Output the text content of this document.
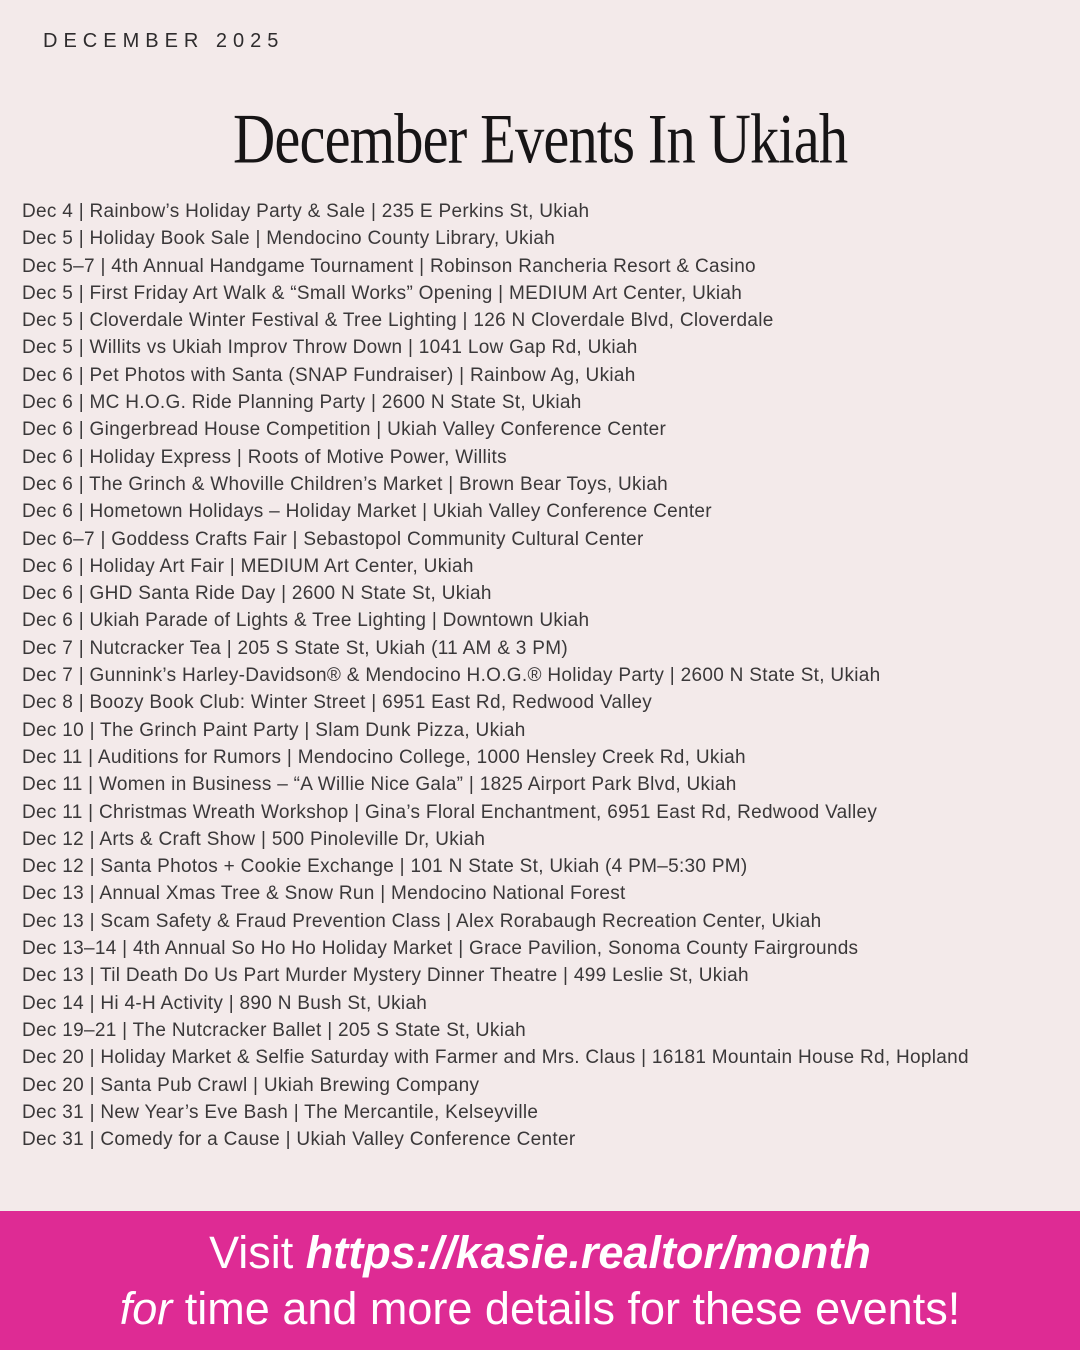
DECEMBER 2025
December Events In Ukiah
Dec 4 | Rainbow’s Holiday Party & Sale | 235 E Perkins St, Ukiah
Dec 5 | Holiday Book Sale | Mendocino County Library, Ukiah
Dec 5–7 | 4th Annual Handgame Tournament | Robinson Rancheria Resort & Casino
Dec 5 | First Friday Art Walk & “Small Works” Opening | MEDIUM Art Center, Ukiah
Dec 5 | Cloverdale Winter Festival & Tree Lighting | 126 N Cloverdale Blvd, Cloverdale
Dec 5 | Willits vs Ukiah Improv Throw Down | 1041 Low Gap Rd, Ukiah
Dec 6 | Pet Photos with Santa (SNAP Fundraiser) | Rainbow Ag, Ukiah
Dec 6 | MC H.O.G. Ride Planning Party | 2600 N State St, Ukiah
Dec 6 | Gingerbread House Competition | Ukiah Valley Conference Center
Dec 6 | Holiday Express | Roots of Motive Power, Willits
Dec 6 | The Grinch & Whoville Children’s Market | Brown Bear Toys, Ukiah
Dec 6 | Hometown Holidays – Holiday Market | Ukiah Valley Conference Center
Dec 6–7 | Goddess Crafts Fair | Sebastopol Community Cultural Center
Dec 6 | Holiday Art Fair | MEDIUM Art Center, Ukiah
Dec 6 | GHD Santa Ride Day | 2600 N State St, Ukiah
Dec 6 | Ukiah Parade of Lights & Tree Lighting | Downtown Ukiah
Dec 7 | Nutcracker Tea | 205 S State St, Ukiah (11 AM & 3 PM)
Dec 7 | Gunnink’s Harley-Davidson® & Mendocino H.O.G.® Holiday Party | 2600 N State St, Ukiah
Dec 8 | Boozy Book Club: Winter Street | 6951 East Rd, Redwood Valley
Dec 10 | The Grinch Paint Party | Slam Dunk Pizza, Ukiah
Dec 11 | Auditions for Rumors | Mendocino College, 1000 Hensley Creek Rd, Ukiah
Dec 11 | Women in Business – “A Willie Nice Gala” | 1825 Airport Park Blvd, Ukiah
Dec 11 | Christmas Wreath Workshop | Gina’s Floral Enchantment, 6951 East Rd, Redwood Valley
Dec 12 | Arts & Craft Show | 500 Pinoleville Dr, Ukiah
Dec 12 | Santa Photos + Cookie Exchange | 101 N State St, Ukiah (4 PM–5:30 PM)
Dec 13 | Annual Xmas Tree & Snow Run | Mendocino National Forest
Dec 13 | Scam Safety & Fraud Prevention Class | Alex Rorabaugh Recreation Center, Ukiah
Dec 13–14 | 4th Annual So Ho Ho Holiday Market | Grace Pavilion, Sonoma County Fairgrounds
Dec 13 | Til Death Do Us Part Murder Mystery Dinner Theatre | 499 Leslie St, Ukiah
Dec 14 | Hi 4-H Activity | 890 N Bush St, Ukiah
Dec 19–21 | The Nutcracker Ballet | 205 S State St, Ukiah
Dec 20 | Holiday Market & Selfie Saturday with Farmer and Mrs. Claus | 16181 Mountain House Rd, Hopland
Dec 20 | Santa Pub Crawl | Ukiah Brewing Company
Dec 31 | New Year’s Eve Bash | The Mercantile, Kelseyville
Dec 31 | Comedy for a Cause | Ukiah Valley Conference Center
Visit https://kasie.realtor/month
for time and more details for these events!
